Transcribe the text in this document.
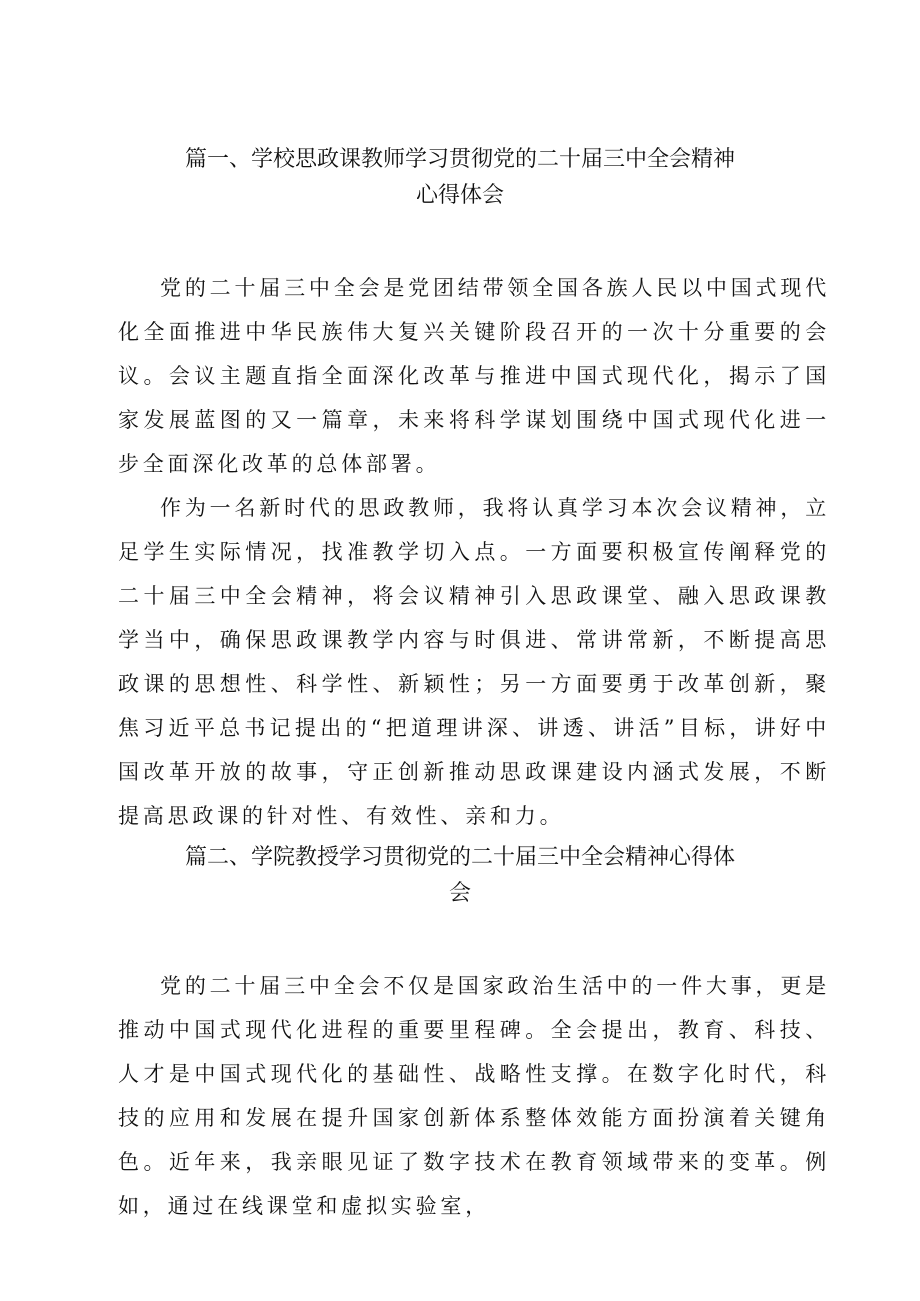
篇一、学校思政课教师学习贯彻党的二十届三中全会精神
心得体会

党的二十届三中全会是党团结带领全国各族人民以中国式现代化全面推进中华民族伟大复兴关键阶段召开的一次十分重要的会议。会议主题直指全面深化改革与推进中国式现代化，揭示了国家发展蓝图的又一篇章，未来将科学谋划围绕中国式现代化进一步全面深化改革的总体部署。

作为一名新时代的思政教师，我将认真学习本次会议精神，立足学生实际情况，找准教学切入点。一方面要积极宣传阐释党的二十届三中全会精神，将会议精神引入思政课堂、融入思政课教学当中，确保思政课教学内容与时俱进、常讲常新，不断提高思政课的思想性、科学性、新颖性；另一方面要勇于改革创新，聚焦习近平总书记提出的“把道理讲深、讲透、讲活”目标，讲好中国改革开放的故事，守正创新推动思政课建设内涵式发展，不断提高思政课的针对性、有效性、亲和力。

篇二、学院教授学习贯彻党的二十届三中全会精神心得体
会

党的二十届三中全会不仅是国家政治生活中的一件大事，更是推动中国式现代化进程的重要里程碑。全会提出，教育、科技、人才是中国式现代化的基础性、战略性支撑。在数字化时代，科技的应用和发展在提升国家创新体系整体效能方面扮演着关键角色。近年来，我亲眼见证了数字技术在教育领域带来的变革。例如，通过在线课堂和虚拟实验室，
